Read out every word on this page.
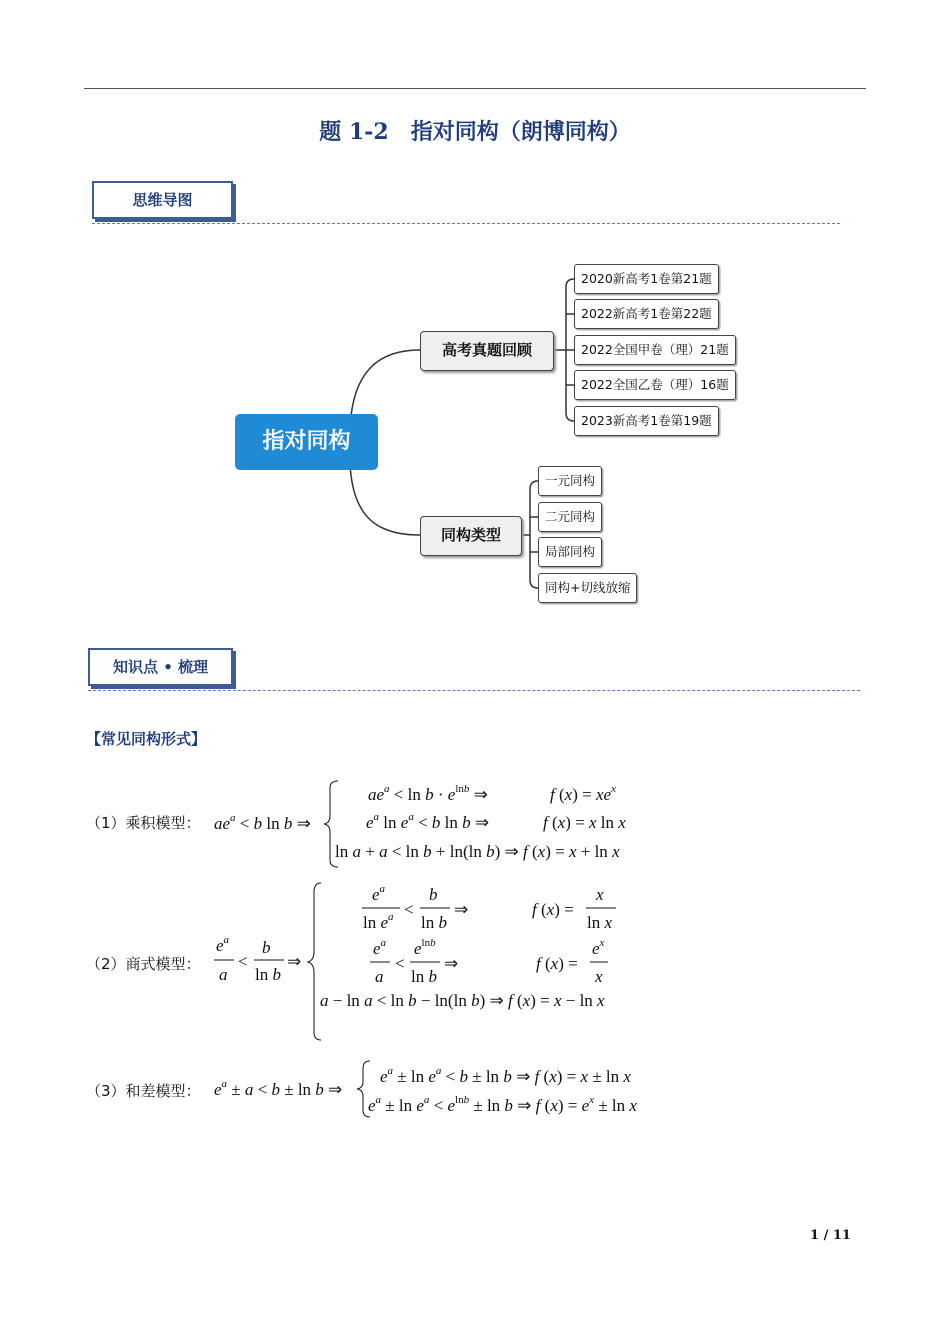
题 1-2 指对同构（朗博同构）
思维导图
指对同构
高考真题回顾
同构类型
2020新高考1卷第21题
2022新高考1卷第22题
2022全国甲卷（理）21题
2022全国乙卷（理）16题
2023新高考1卷第19题
一元同构
二元同构
局部同构
同构+切线放缩
知识点 • 梳理
【常见同构形式】
（1）乘积模型： $ae^a < b$ ln b ⇒
$ae^a < \ln b \cdot e^{ln}b$ ⇒	f $(x) = xe^x$
$e^a$ $\ln e^a < b$ ln b ⇒	f (x) = x ln x
ln a + a < ln b + ln(ln b) ⇒ f (x) = x + ln x
（2）商式模型：
$e^a$
a
<
b
ln b
⇒
$e^a$
$\ln e^a$ <
b
ln b
⇒	f (x) =
x
ln x
$e^a$
a
<
$e^{ln}b$
ln b
⇒	f (x) =
$e^x$
x
a − ln a < ln b − ln(ln b) ⇒ f (x) = x − ln x
（3）和差模型： $e^a \pm a < b \pm \ln b$ ⇒
$e^a \pm \ln e^a < b \pm \ln b$ ⇒ f (x) = x ± ln x
$e^a \pm \ln e^a < e^{ln}b \pm \ln b$ ⇒ f $(x) = e^x \pm \ln x$
1 / 11
